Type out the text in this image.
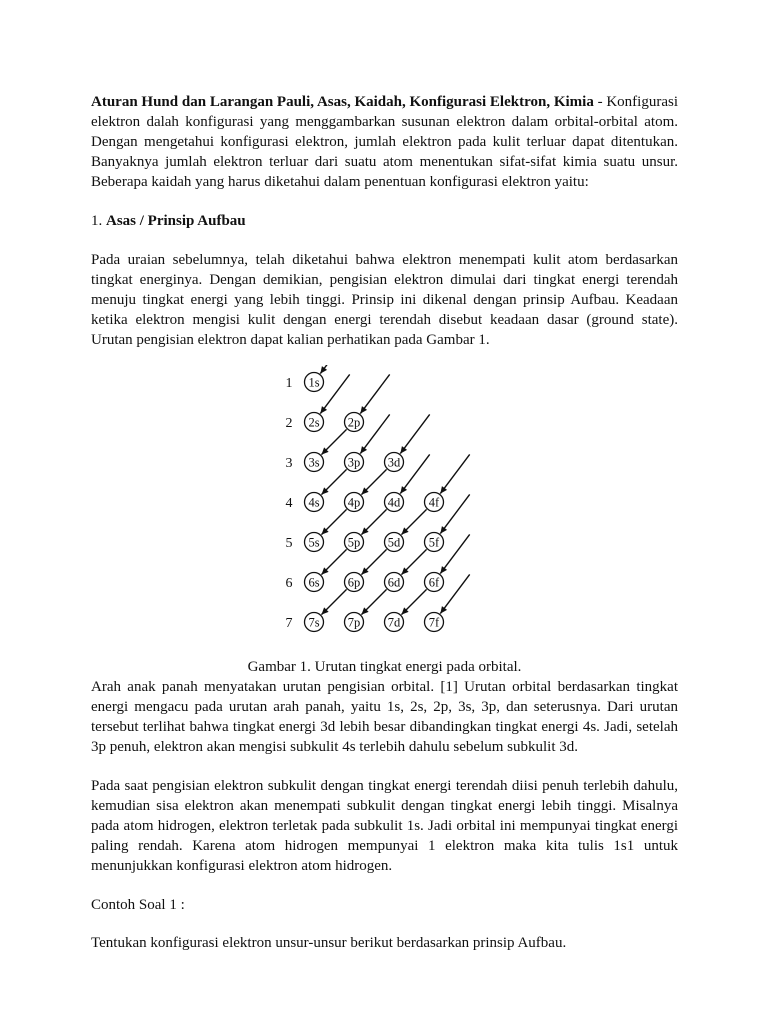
Aturan Hund dan Larangan Pauli, Asas, Kaidah, Konfigurasi Elektron, Kimia - Konfigurasi elektron dalah konfigurasi yang menggambarkan susunan elektron dalam orbital-orbital atom. Dengan mengetahui konfigurasi elektron, jumlah elektron pada kulit terluar dapat ditentukan. Banyaknya jumlah elektron terluar dari suatu atom menentukan sifat-sifat kimia suatu unsur. Beberapa kaidah yang harus diketahui dalam penentuan konfigurasi elektron yaitu:

1. Asas / Prinsip Aufbau

Pada uraian sebelumnya, telah diketahui bahwa elektron menempati kulit atom berdasarkan tingkat energinya. Dengan demikian, pengisian elektron dimulai dari tingkat energi terendah menuju tingkat energi yang lebih tinggi. Prinsip ini dikenal dengan prinsip Aufbau. Keadaan ketika elektron mengisi kulit dengan energi terendah disebut keadaan dasar (ground state). Urutan pengisian elektron dapat kalian perhatikan pada Gambar 1.

1
2
3
4
5
6
7
1s
2s 2p
3s 3p 3d
4s 4p 4d 4f
5s 5p 5d 5f
6s 6p 6d 6f
7s 7p 7d 7f

Gambar 1. Urutan tingkat energi pada orbital.

Arah anak panah menyatakan urutan pengisian orbital. [1] Urutan orbital berdasarkan tingkat energi mengacu pada urutan arah panah, yaitu 1s, 2s, 2p, 3s, 3p, dan seterusnya. Dari urutan tersebut terlihat bahwa tingkat energi 3d lebih besar dibandingkan tingkat energi 4s. Jadi, setelah 3p penuh, elektron akan mengisi subkulit 4s terlebih dahulu sebelum subkulit 3d.

Pada saat pengisian elektron subkulit dengan tingkat energi terendah diisi penuh terlebih dahulu, kemudian sisa elektron akan menempati subkulit dengan tingkat energi lebih tinggi. Misalnya pada atom hidrogen, elektron terletak pada subkulit 1s. Jadi orbital ini mempunyai tingkat energi paling rendah. Karena atom hidrogen mempunyai 1 elektron maka kita tulis 1s1 untuk menunjukkan konfigurasi elektron atom hidrogen.

Contoh Soal 1 :

Tentukan konfigurasi elektron unsur-unsur berikut berdasarkan prinsip Aufbau.
